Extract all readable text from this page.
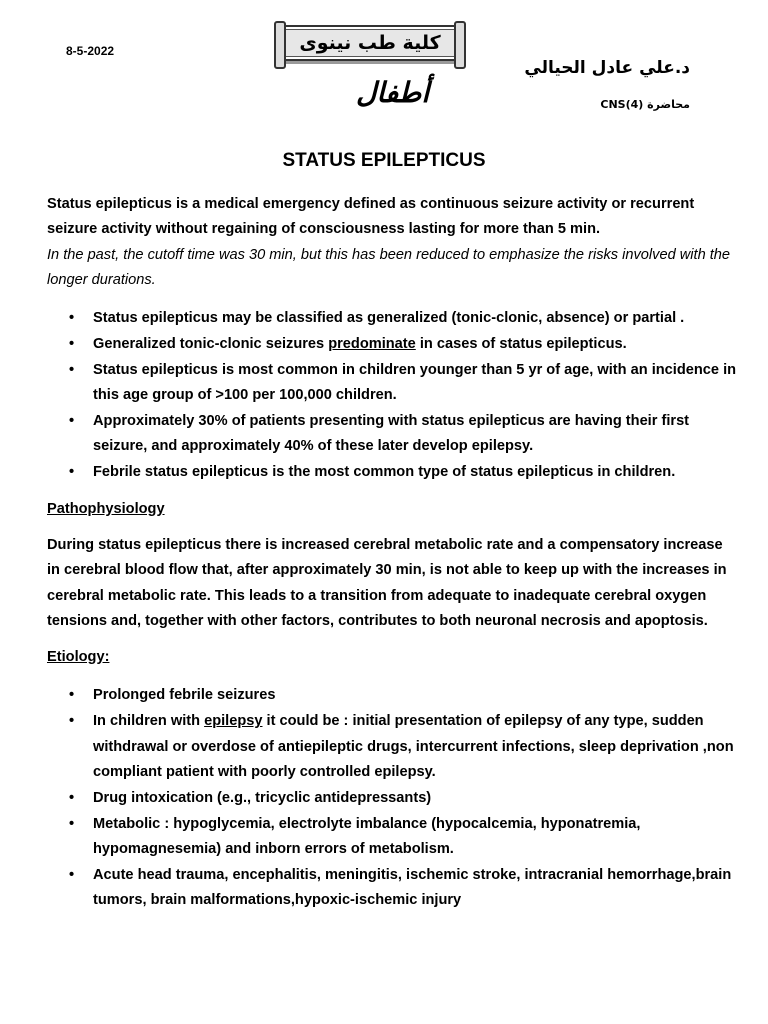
8-5-2022	كلية طب نينوى
د.علي عادل الحيالي
أطفال	محاضرة CNS(4)
STATUS EPILEPTICUS

Status epilepticus is a medical emergency defined as continuous seizure activity or recurrent seizure activity without regaining of consciousness lasting for more than 5 min.

In the past, the cutoff time was 30 min, but this has been reduced to emphasize the risks involved with the longer durations.

• Status epilepticus may be classified as generalized (tonic-clonic, absence) or partial .
• Generalized tonic-clonic seizures predominate in cases of status epilepticus.
• Status epilepticus is most common in children younger than 5 yr of age, with an incidence in this age group of >100 per 100,000 children.
• Approximately 30% of patients presenting with status epilepticus are having their first seizure, and approximately 40% of these later develop epilepsy.
• Febrile status epilepticus is the most common type of status epilepticus in children.

Pathophysiology

During status epilepticus there is increased cerebral metabolic rate and a compensatory increase in cerebral blood flow that, after approximately 30 min, is not able to keep up with the increases in cerebral metabolic rate. This leads to a transition from adequate to inadequate cerebral oxygen tensions and, together with other factors, contributes to both neuronal necrosis and apoptosis.

Etiology:

• Prolonged febrile seizures
• In children with epilepsy it could be : initial presentation of epilepsy of any type, sudden withdrawal or overdose of antiepileptic drugs, intercurrent infections, sleep deprivation ,non compliant patient with poorly controlled epilepsy.
• Drug intoxication (e.g., tricyclic antidepressants)
• Metabolic : hypoglycemia, electrolyte imbalance (hypocalcemia, hyponatremia, hypomagnesemia) and inborn errors of metabolism.
• Acute head trauma, encephalitis, meningitis, ischemic stroke, intracranial hemorrhage,brain tumors, brain malformations,hypoxic-ischemic injury
